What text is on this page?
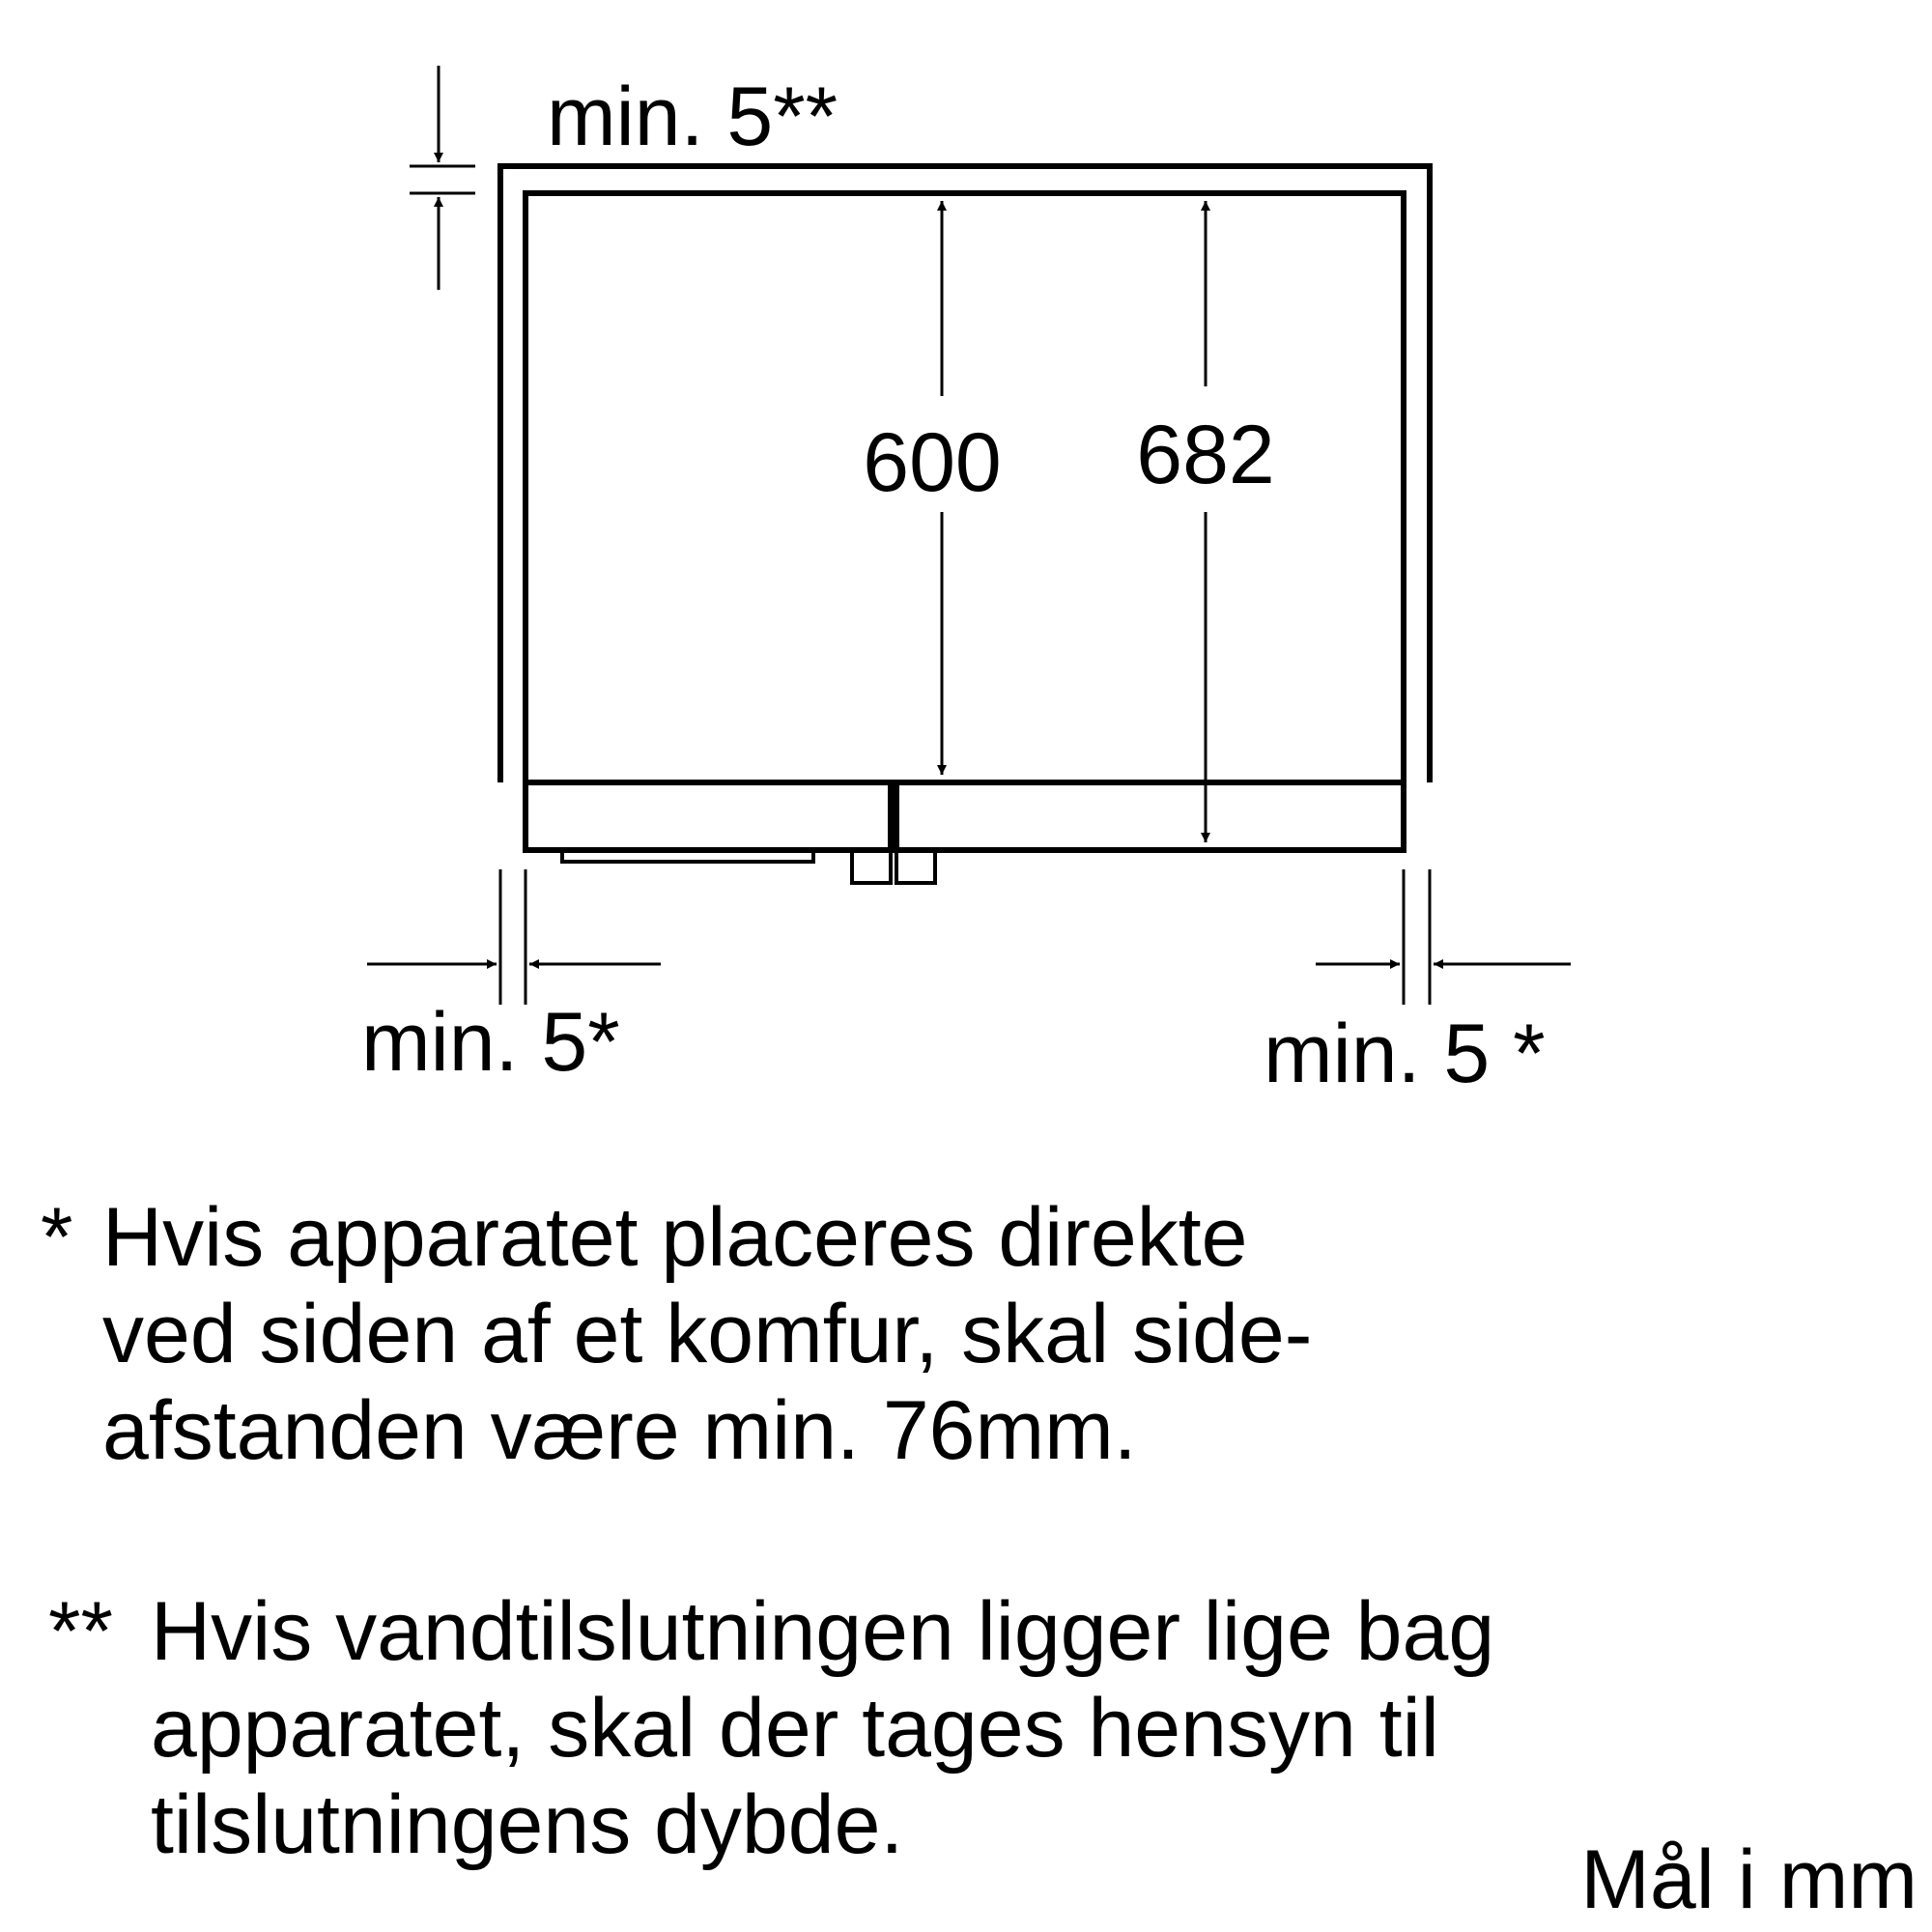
min. 5**
600 682
min. 5*	min. 5 *
* Hvis apparatet placeres direkte
ved siden af et komfur, skal side-
afstanden være min. 76mm.
** Hvis vandtilslutningen ligger lige bag
apparatet, skal der tages hensyn til
tilslutningens dybde.
Mål i mm
